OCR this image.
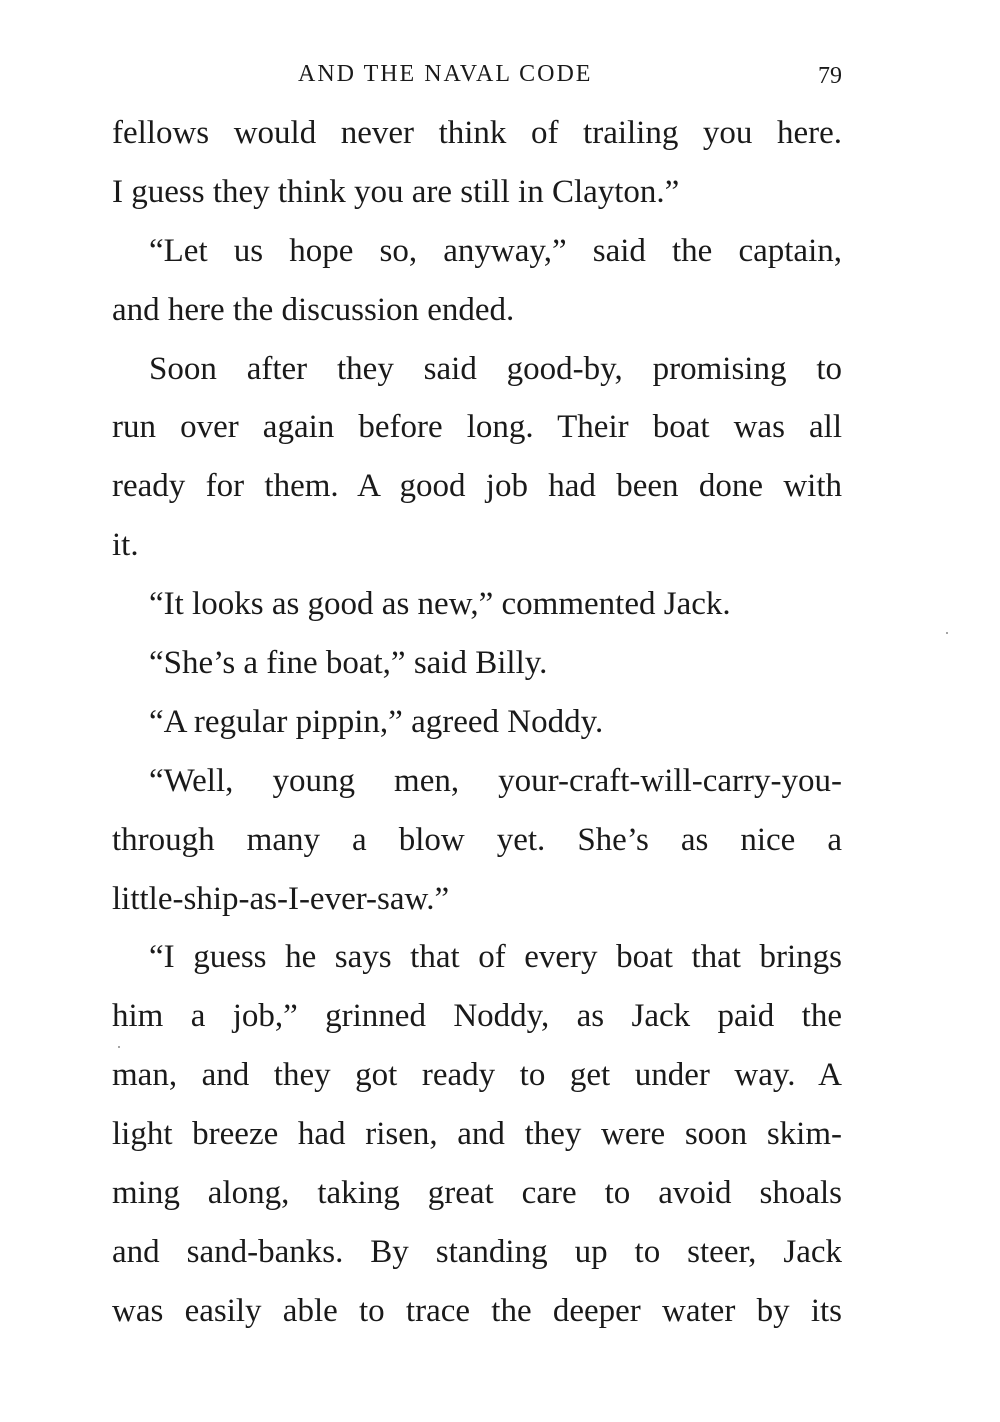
AND THE NAVAL CODE	79
fellows would never think of trailing you here.
I guess they think you are still in Clayton.”
“Let us hope so, anyway,” said the captain,
and here the discussion ended.
Soon after they said good-by, promising to
run over again before long. Their boat was all
ready for them. A good job had been done with
it.
“It looks as good as new,” commented Jack.
“She’s a fine boat,” said Billy.
“A regular pippin,” agreed Noddy.
“Well, young men, your-craft-will-carry-you-
through many a blow yet. She’s as nice a
little-ship-as-I-ever-saw.”
“I guess he says that of every boat that brings
him a job,” grinned Noddy, as Jack paid the
man, and they got ready to get under way. A
light breeze had risen, and they were soon skim-
ming along, taking great care to avoid shoals
and sand-banks. By standing up to steer, Jack
was easily able to trace the deeper water by its
